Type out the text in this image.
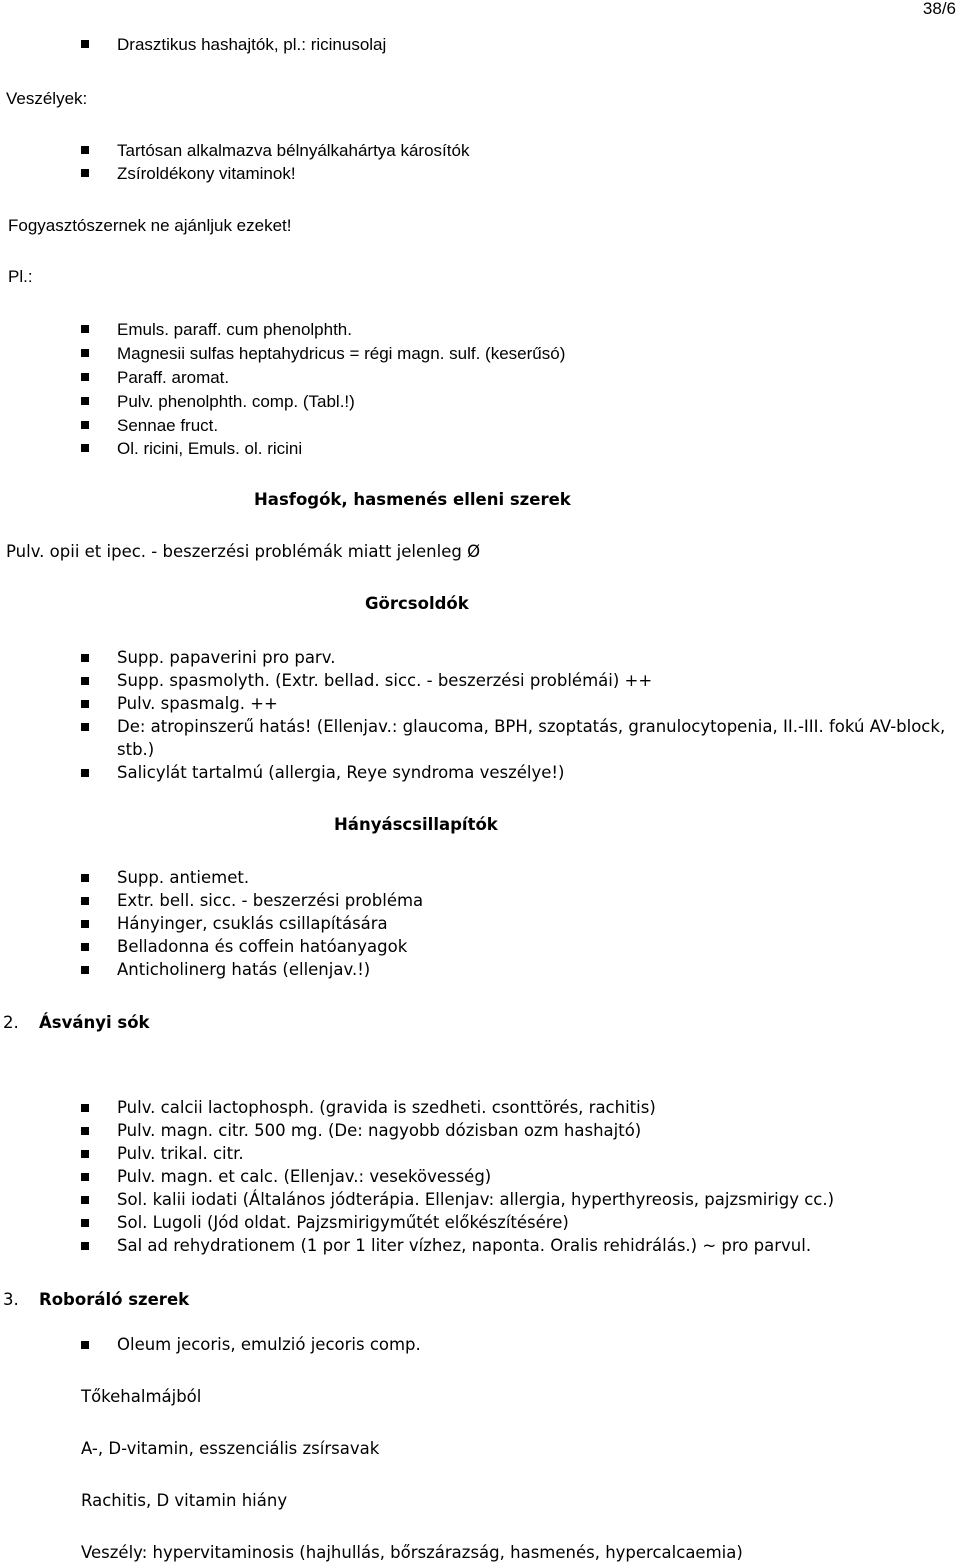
38/6
Drasztikus hashajtók, pl.: ricinusolaj
Veszélyek:
Tartósan alkalmazva bélnyálkahártya károsítók
Zsíroldékony vitaminok!
Fogyasztószernek ne ajánljuk ezeket!
Pl.:
Emuls. paraff. cum phenolphth.
Magnesii sulfas heptahydricus = régi magn. sulf. (keserűsó)
Paraff. aromat.
Pulv. phenolphth. comp. (Tabl.!)
Sennae fruct.
Ol. ricini, Emuls. ol. ricini
Hasfogók, hasmenés elleni szerek
Pulv. opii et ipec. - beszerzési problémák miatt jelenleg Ø
Görcsoldók
Supp. papaverini pro parv.
Supp. spasmolyth. (Extr. bellad. sicc. - beszerzési problémái) ++
Pulv. spasmalg. ++
De: atropinszerű hatás! (Ellenjav.: glaucoma, BPH, szoptatás, granulocytopenia, II.-III. fokú AV-block, stb.)
Salicylát tartalmú (allergia, Reye syndroma veszélye!)
Hányáscsillapítók
Supp. antiemet.
Extr. bell. sicc. - beszerzési probléma
Hányinger, csuklás csillapítására
Belladonna és coffein hatóanyagok
Anticholinerg hatás (ellenjav.!)
2. Ásványi sók
Pulv. calcii lactophosph. (gravida is szedheti. csonttörés, rachitis)
Pulv. magn. citr. 500 mg. (De: nagyobb dózisban ozm hashajtó)
Pulv. trikal. citr.
Pulv. magn. et calc. (Ellenjav.: vesekövesség)
Sol. kalii iodati (Általános jódterápia. Ellenjav: allergia, hyperthyreosis, pajzsmirigy cc.)
Sol. Lugoli (Jód oldat. Pajzsmirigyműtét előkészítésére)
Sal ad rehydrationem (1 por 1 liter vízhez, naponta. Oralis rehidrálás.) ~ pro parvul.
3. Roboráló szerek
Oleum jecoris, emulzió jecoris comp.
Tőkehalmájból
A-, D-vitamin, esszenciális zsírsavak
Rachitis, D vitamin hiány
Veszély: hypervitaminosis (hajhullás, bőrszárazság, hasmenés, hypercalcaemia)
